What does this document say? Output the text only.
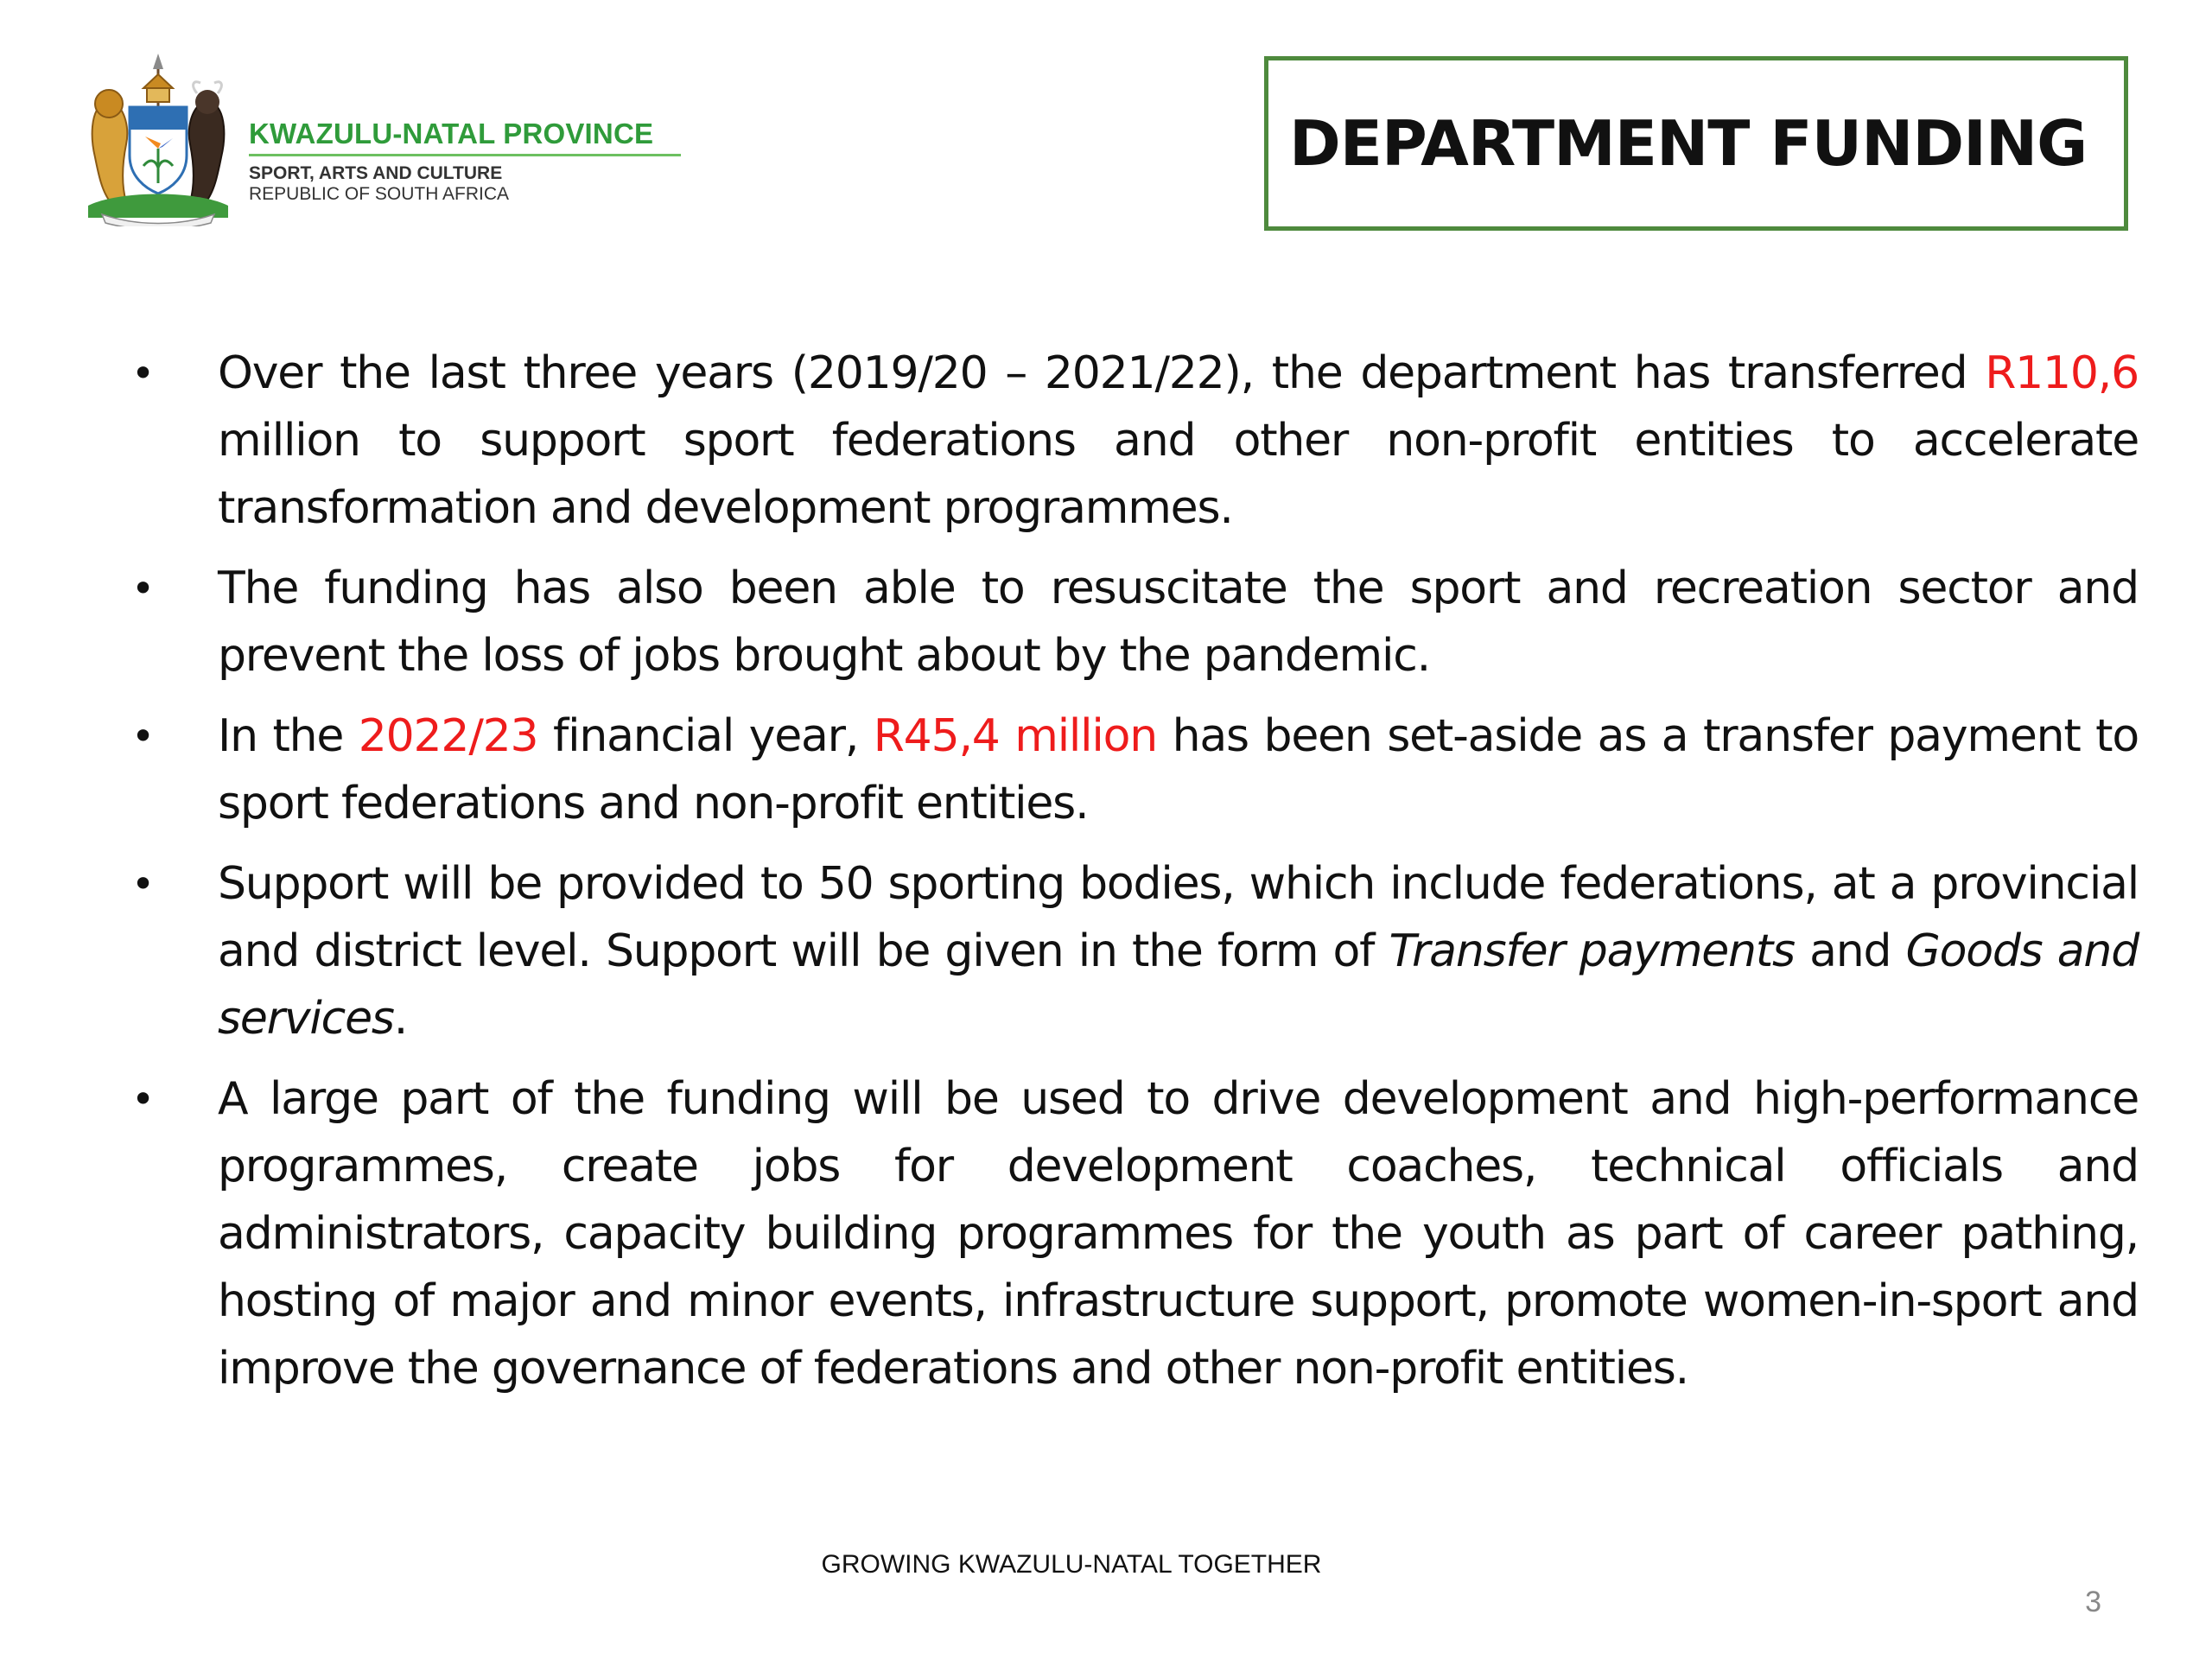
KWAZULU-NATAL PROVINCE
SPORT, ARTS AND CULTURE
REPUBLIC OF SOUTH AFRICA
DEPARTMENT FUNDING
• Over the last three years (2019/20 – 2021/22), the department has transferred R110,6 million to support sport federations and other non-profit entities to accelerate transformation and development programmes.
• The funding has also been able to resuscitate the sport and recreation sector and prevent the loss of jobs brought about by the pandemic.
• In the 2022/23 financial year, R45,4 million has been set-aside as a transfer payment to sport federations and non-profit entities.
• Support will be provided to 50 sporting bodies, which include federations, at a provincial and district level. Support will be given in the form of Transfer payments and Goods and services.
• A large part of the funding will be used to drive development and high-performance programmes, create jobs for development coaches, technical officials and administrators, capacity building programmes for the youth as part of career pathing, hosting of major and minor events, infrastructure support, promote women-in-sport and improve the governance of federations and other non-profit entities.
GROWING KWAZULU-NATAL TOGETHER
3
